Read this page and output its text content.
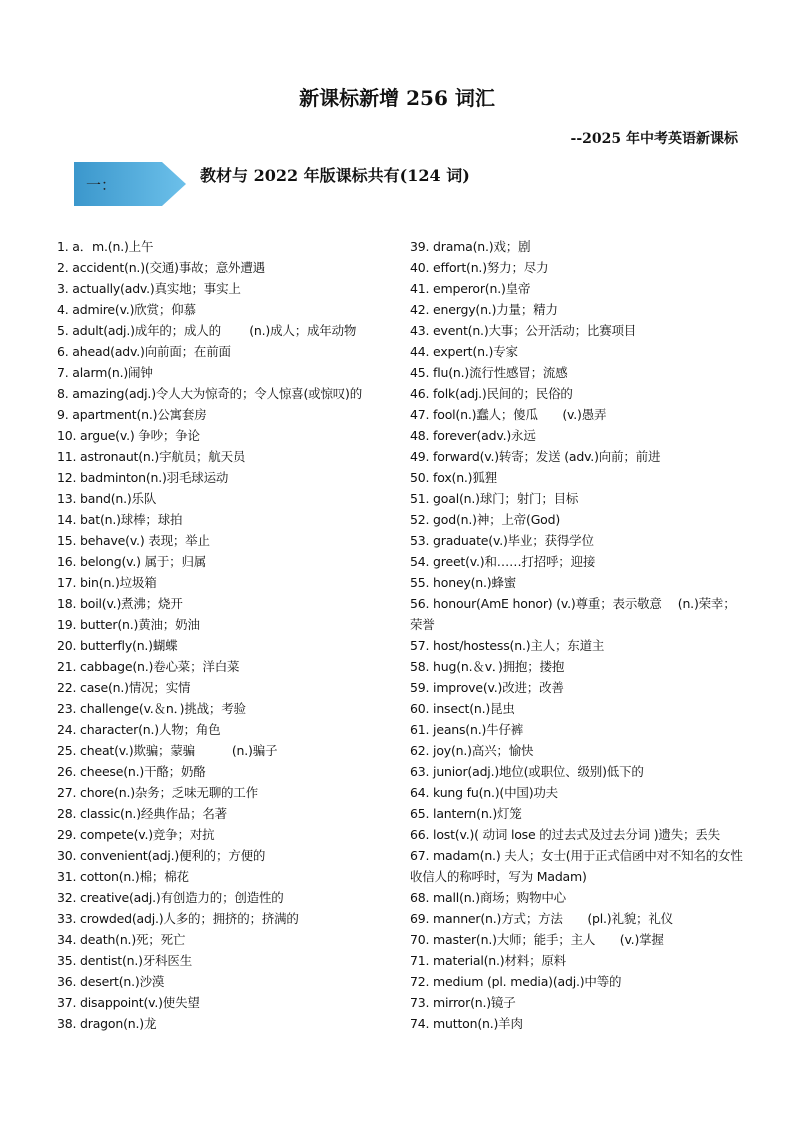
新课标新增 256 词汇
--2025 年中考英语新课标
一：
教材与 2022 年版课标共有(124 词)
1. a．m.(n.)上午
2. accident(n.)(交通)事故；意外遭遇
3. actually(adv.)真实地；事实上
4. admire(v.)欣赏；仰慕
5. adult(adj.)成年的；成人的　　 (n.)成人；成年动物
6. ahead(adv.)向前面；在前面
7. alarm(n.)闹钟
8. amazing(adj.)令人大为惊奇的；令人惊喜(或惊叹)的
9. apartment(n.)公寓套房
10. argue(v.) 争吵；争论
11. astronaut(n.)宇航员；航天员
12. badminton(n.)羽毛球运动
13. band(n.)乐队
14. bat(n.)球棒；球拍
15. behave(v.) 表现；举止
16. belong(v.) 属于；归属
17. bin(n.)垃圾箱
18. boil(v.)煮沸；烧开
19. butter(n.)黄油；奶油
20. butterfly(n.)蝴蝶
21. cabbage(n.)卷心菜；洋白菜
22. case(n.)情况；实情
23. challenge(v.＆n．)挑战；考验
24. character(n.)人物；角色
25. cheat(v.)欺骗；蒙骗　　　(n.)骗子
26. cheese(n.)干酪；奶酪
27. chore(n.)杂务；乏味无聊的工作
28. classic(n.)经典作品；名著
29. compete(v.)竞争；对抗
30. convenient(adj.)便利的；方便的
31. cotton(n.)棉；棉花
32. creative(adj.)有创造力的；创造性的
33. crowded(adj.)人多的；拥挤的；挤满的
34. death(n.)死；死亡
35. dentist(n.)牙科医生
36. desert(n.)沙漠
37. disappoint(v.)使失望
38. dragon(n.)龙
39. drama(n.)戏；剧
40. effort(n.)努力；尽力
41. emperor(n.)皇帝
42. energy(n.)力量；精力
43. event(n.)大事；公开活动；比赛项目
44. expert(n.)专家
45. flu(n.)流行性感冒；流感
46. folk(adj.)民间的；民俗的
47. fool(n.)蠢人；傻瓜　　(v.)愚弄
48. forever(adv.)永远
49. forward(v.)转寄；发送 (adv.)向前；前进
50. fox(n.)狐狸
51. goal(n.)球门；射门；目标
52. god(n.)神；上帝(God)
53. graduate(v.)毕业；获得学位
54. greet(v.)和……打招呼；迎接
55. honey(n.)蜂蜜
56. honour(AmE honor) (v.)尊重；表示敬意　 (n.)荣幸；荣誉
57. host/hostess(n.)主人；东道主
58. hug(n.＆v．)拥抱；搂抱
59. improve(v.)改进；改善
60. insect(n.)昆虫
61. jeans(n.)牛仔裤
62. joy(n.)高兴；愉快
63. junior(adj.)地位(或职位、级别)低下的
64. kung fu(n.)(中国)功夫
65. lantern(n.)灯笼
66. lost(v.)( 动词 lose 的过去式及过去分词 )遗失；丢失
67. madam(n.) 夫人；女士(用于正式信函中对不知名的女性收信人的称呼时，写为 Madam)
68. mall(n.)商场；购物中心
69. manner(n.)方式；方法　　(pl.)礼貌；礼仪
70. master(n.)大师；能手；主人　　(v.)掌握
71. material(n.)材料；原料
72. medium (pl. media)(adj.)中等的
73. mirror(n.)镜子
74. mutton(n.)羊肉
